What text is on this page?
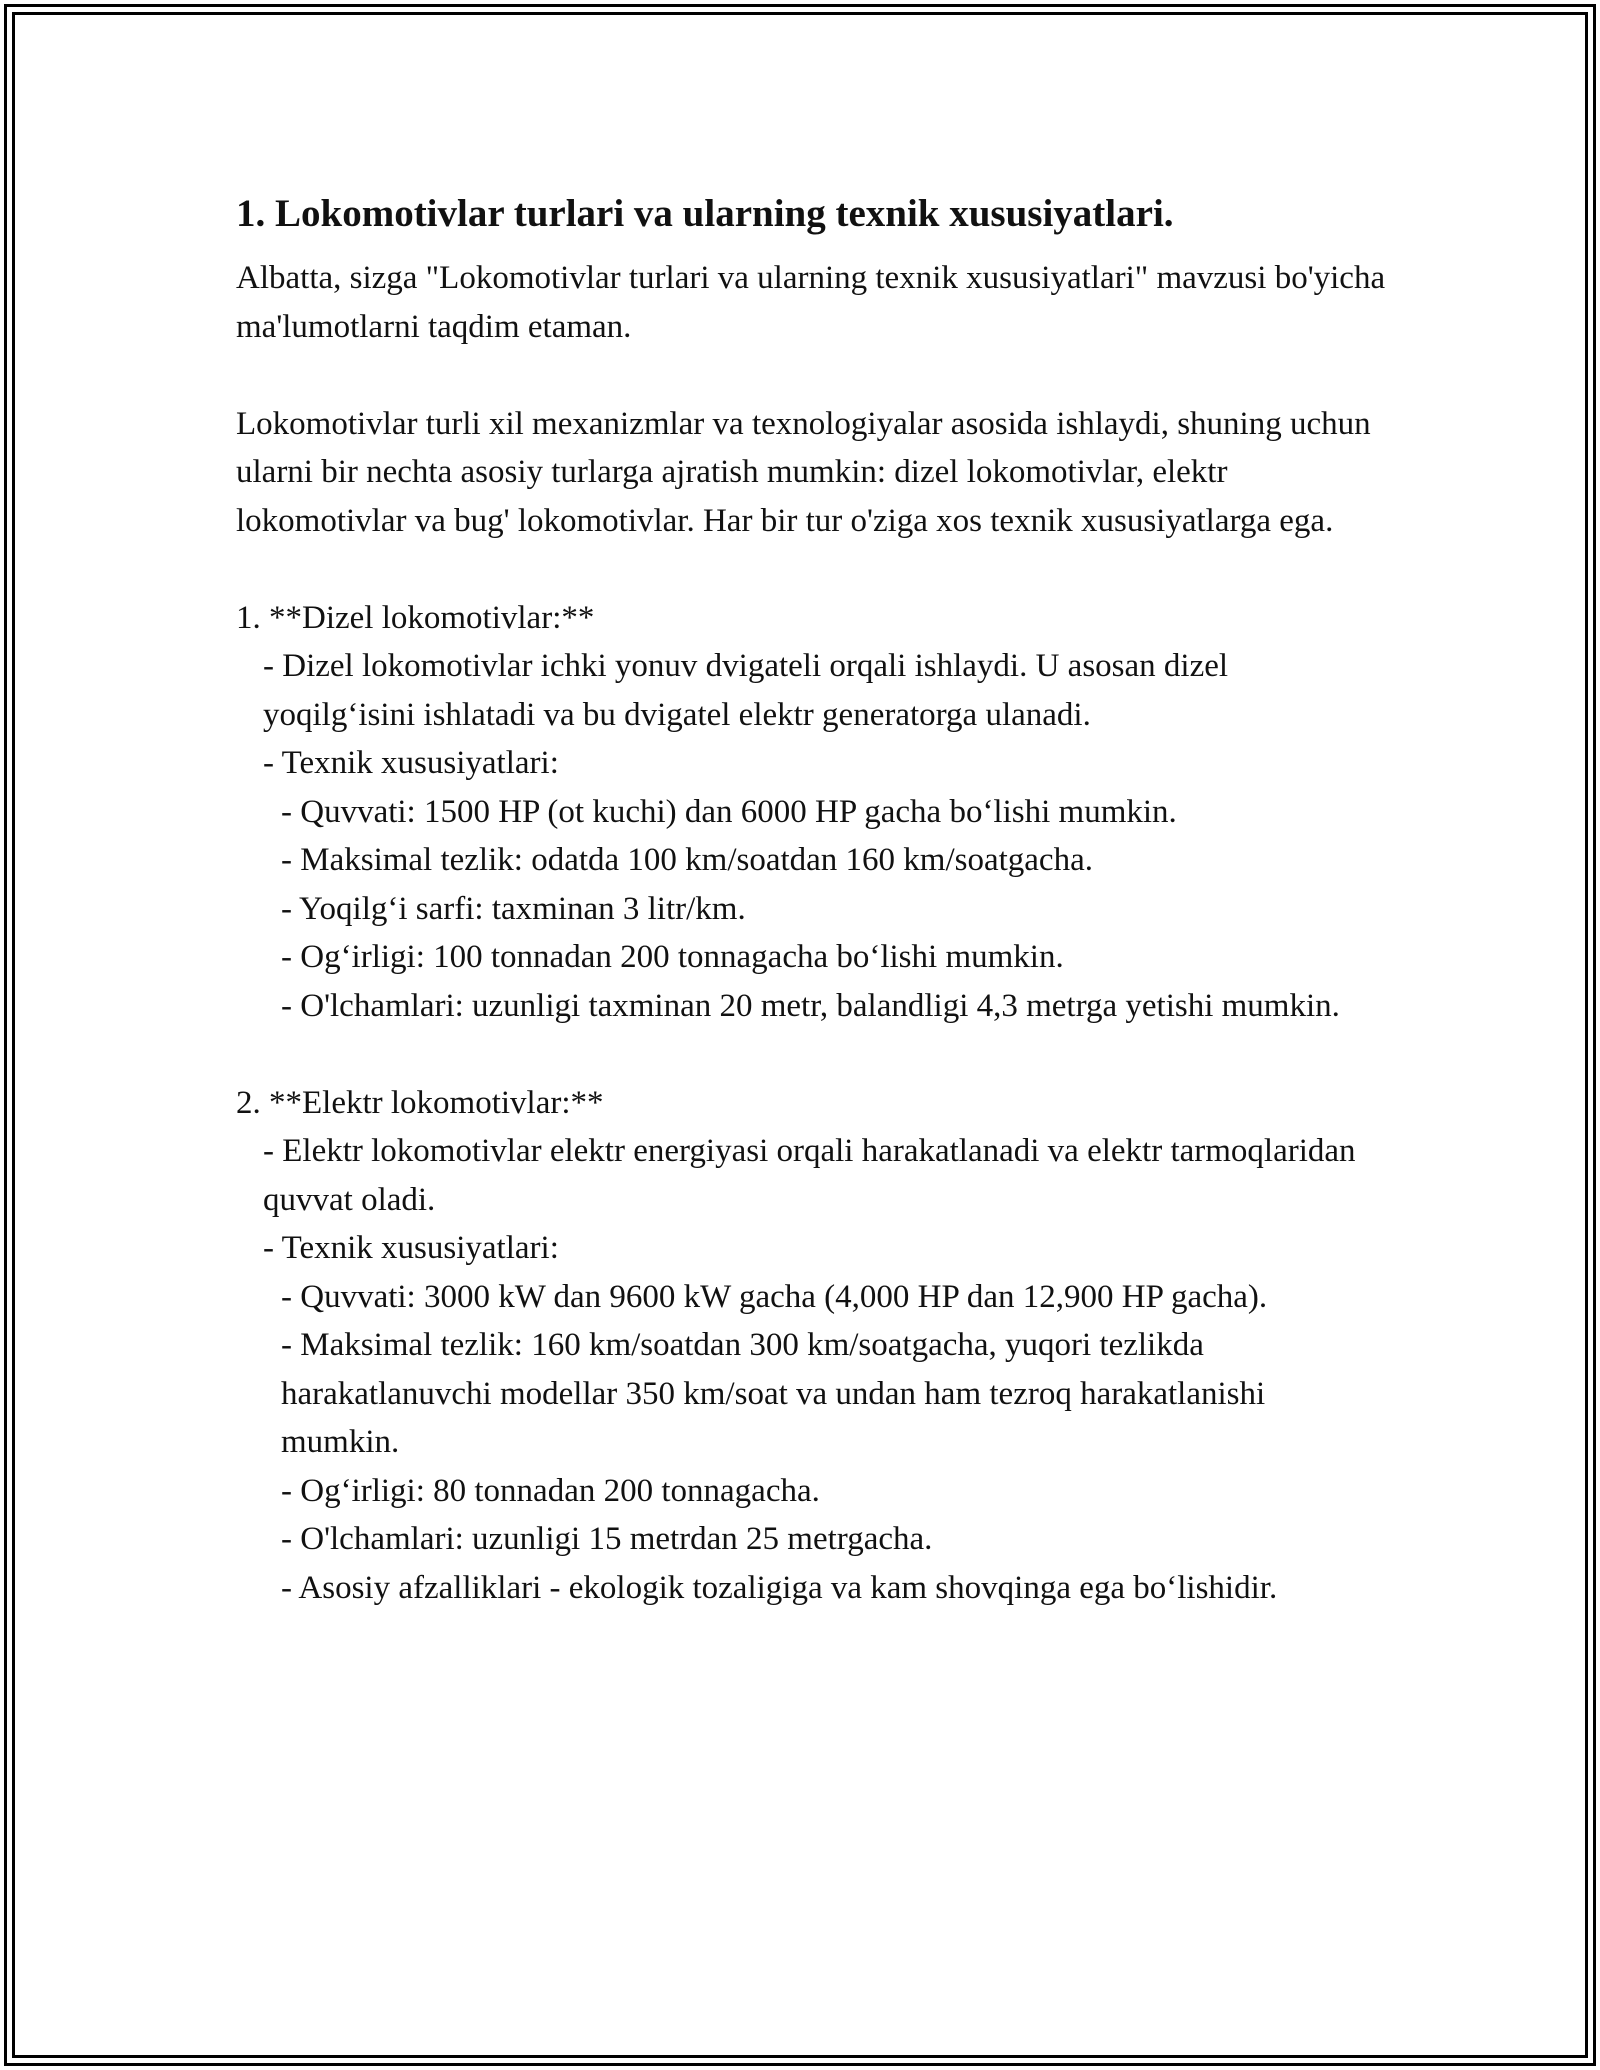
1. Lokomotivlar turlari va ularning texnik xususiyatlari.

Albatta, sizga "Lokomotivlar turlari va ularning texnik xususiyatlari" mavzusi bo'yicha ma'lumotlarni taqdim etaman.

Lokomotivlar turli xil mexanizmlar va texnologiyalar asosida ishlaydi, shuning uchun ularni bir nechta asosiy turlarga ajratish mumkin: dizel lokomotivlar, elektr lokomotivlar va bug' lokomotivlar. Har bir tur o'ziga xos texnik xususiyatlarga ega.

1. **Dizel lokomotivlar:**

- Dizel lokomotivlar ichki yonuv dvigateli orqali ishlaydi. U asosan dizel yoqilg‘isini ishlatadi va bu dvigatel elektr generatorga ulanadi.

- Texnik xususiyatlari:

- Quvvati: 1500 HP (ot kuchi) dan 6000 HP gacha bo‘lishi mumkin.

- Maksimal tezlik: odatda 100 km/soatdan 160 km/soatgacha.

- Yoqilg‘i sarfi: taxminan 3 litr/km.

- Og‘irligi: 100 tonnadan 200 tonnagacha bo‘lishi mumkin.

- O'lchamlari: uzunligi taxminan 20 metr, balandligi 4,3 metrga yetishi mumkin.

2. **Elektr lokomotivlar:**

- Elektr lokomotivlar elektr energiyasi orqali harakatlanadi va elektr tarmoqlaridan quvvat oladi.

- Texnik xususiyatlari:

- Quvvati: 3000 kW dan 9600 kW gacha (4,000 HP dan 12,900 HP gacha).

- Maksimal tezlik: 160 km/soatdan 300 km/soatgacha, yuqori tezlikda harakatlanuvchi modellar 350 km/soat va undan ham tezroq harakatlanishi mumkin.

- Og‘irligi: 80 tonnadan 200 tonnagacha.

- O'lchamlari: uzunligi 15 metrdan 25 metrgacha.

- Asosiy afzalliklari - ekologik tozaligiga va kam shovqinga ega bo‘lishidir.
